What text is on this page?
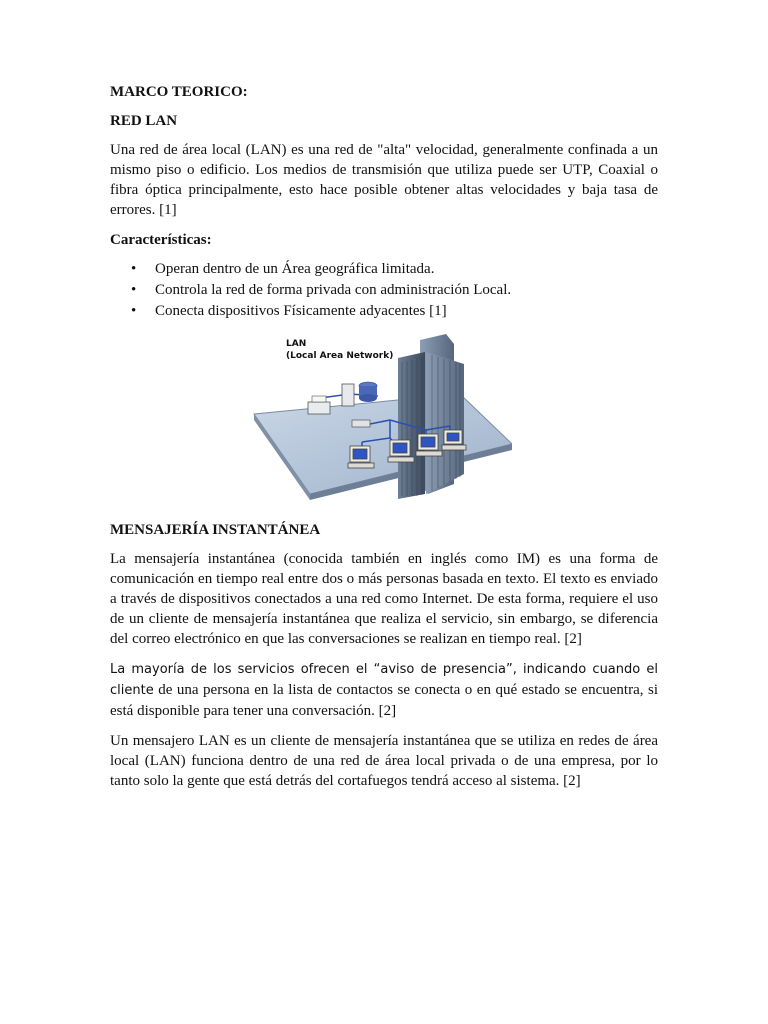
MARCO TEORICO:
RED LAN

Una red de área local (LAN) es una red de "alta" velocidad, generalmente confinada a un mismo piso o edificio. Los medios de transmisión que utiliza puede ser UTP, Coaxial o fibra óptica principalmente, esto hace posible obtener altas velocidades y baja tasa de errores. [1]

Características:
• Operan dentro de un Área geográfica limitada.
• Controla la red de forma privada con administración Local.
• Conecta dispositivos Físicamente adyacentes [1]
LAN
(Local Area Network)
MENSAJERÍA INSTANTÁNEA

La mensajería instantánea (conocida también en inglés como IM) es una forma de comunicación en tiempo real entre dos o más personas basada en texto. El texto es enviado a través de dispositivos conectados a una red como Internet. De esta forma, requiere el uso de un cliente de mensajería instantánea que realiza el servicio, sin embargo, se diferencia del correo electrónico en que las conversaciones se realizan en tiempo real. [2]

La mayoría de los servicios ofrecen el “aviso de presencia”, indicando cuando el cliente de una persona en la lista de contactos se conecta o en qué estado se encuentra, si está disponible para tener una conversación. [2]

Un mensajero LAN es un cliente de mensajería instantánea que se utiliza en redes de área local (LAN) funciona dentro de una red de área local privada o de una empresa, por lo tanto solo la gente que está detrás del cortafuegos tendrá acceso al sistema. [2]
